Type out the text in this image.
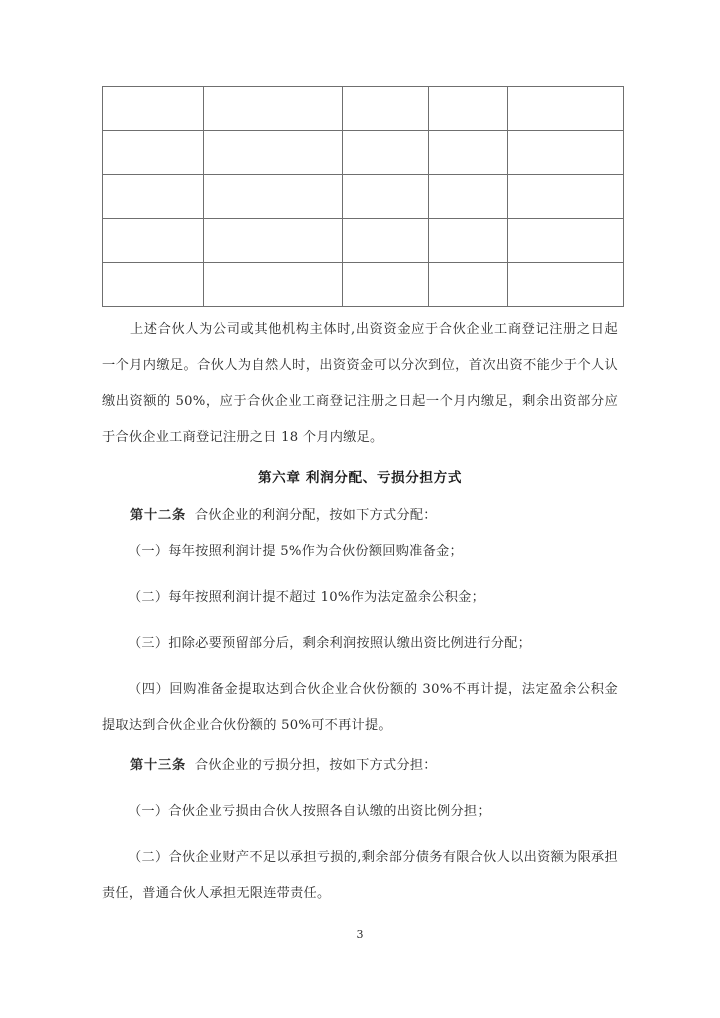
上述合伙人为公司或其他机构主体时,出资资金应于合伙企业工商登记注册之日起一个月内缴足。合伙人为自然人时，出资资金可以分次到位，首次出资不能少于个人认缴出资额的 50%，应于合伙企业工商登记注册之日起一个月内缴足，剩余出资部分应于合伙企业工商登记注册之日 18 个月内缴足。

第六章 利润分配、亏损分担方式

第十二条 合伙企业的利润分配，按如下方式分配：

（一）每年按照利润计提 5%作为合伙份额回购准备金；

（二）每年按照利润计提不超过 10%作为法定盈余公积金；

（三）扣除必要预留部分后，剩余利润按照认缴出资比例进行分配；

（四）回购准备金提取达到合伙企业合伙份额的 30%不再计提，法定盈余公积金提取达到合伙企业合伙份额的 50%可不再计提。

第十三条 合伙企业的亏损分担，按如下方式分担：

（一）合伙企业亏损由合伙人按照各自认缴的出资比例分担；

（二）合伙企业财产不足以承担亏损的,剩余部分债务有限合伙人以出资额为限承担责任，普通合伙人承担无限连带责任。

3
